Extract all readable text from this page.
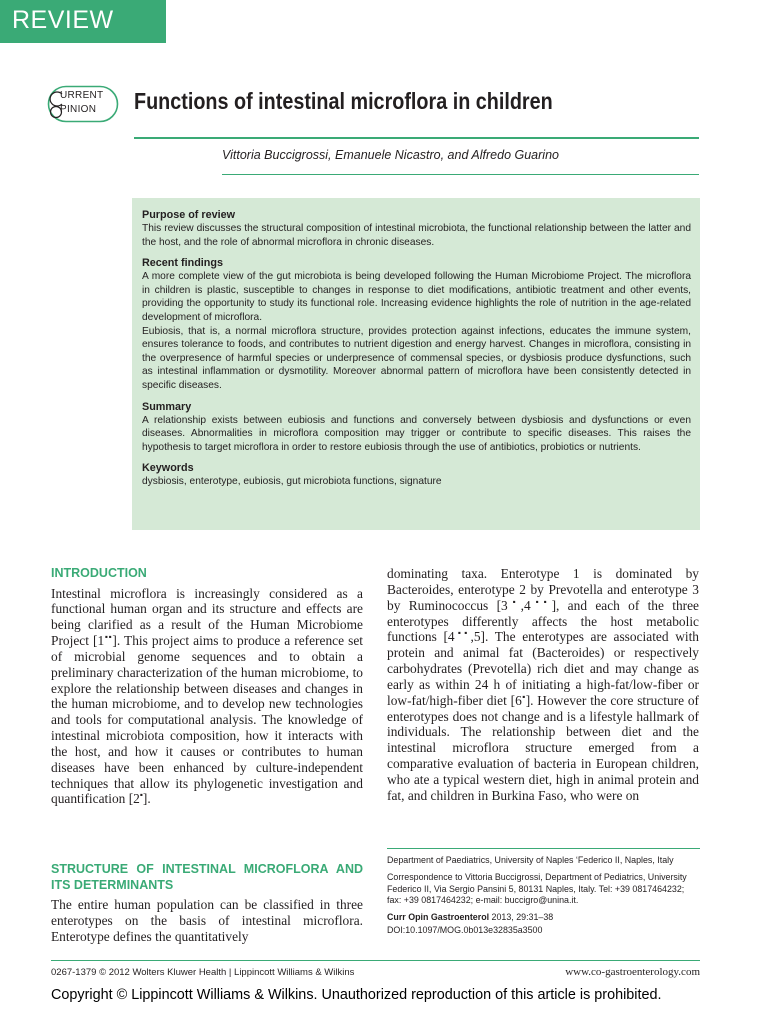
REVIEW
URRENT
PINION Functions of intestinal microflora in children
Vittoria Buccigrossi, Emanuele Nicastro, and Alfredo Guarino
Purpose of review

This review discusses the structural composition of intestinal microbiota, the functional relationship between the latter and the host, and the role of abnormal microflora in chronic diseases.

Recent findings

A more complete view of the gut microbiota is being developed following the Human Microbiome Project. The microflora in children is plastic, susceptible to changes in response to diet modifications, antibiotic treatment and other events, providing the opportunity to study its functional role. Increasing evidence highlights the role of nutrition in the age-related development of microflora.

Eubiosis, that is, a normal microflora structure, provides protection against infections, educates the immune system, ensures tolerance to foods, and contributes to nutrient digestion and energy harvest. Changes in microflora, consisting in the overpresence of harmful species or underpresence of commensal species, or dysbiosis produce dysfunctions, such as intestinal inflammation or dysmotility. Moreover abnormal pattern of microflora have been consistently detected in specific diseases.

Summary

A relationship exists between eubiosis and functions and conversely between dysbiosis and dysfunctions or even diseases. Abnormalities in microflora composition may trigger or contribute to specific diseases. This raises the hypothesis to target microflora in order to restore eubiosis through the use of antibiotics, probiotics or nutrients.

Keywords

dysbiosis, enterotype, eubiosis, gut microbiota functions, signature

INTRODUCTION

Intestinal microflora is increasingly considered as a functional human organ and its structure and effects are being clarified as a result of the Human Microbiome Project [1▪▪]. This project aims to produce a reference set of microbial genome sequences and to obtain a preliminary characterization of the human microbiome, to explore the relationship between diseases and changes in the human microbiome, and to develop new technologies and tools for computational analysis. The knowledge of intestinal microbiota composition, how it interacts with the host, and how it causes or contributes to human diseases have been enhanced by culture-independent techniques that allow its phylogenetic investigation and quantification [2▪].

STRUCTURE OF INTESTINAL MICROFLORA AND ITS DETERMINANTS

The entire human population can be classified in three enterotypes on the basis of intestinal microflora. Enterotype defines the quantitatively

dominating taxa. Enterotype 1 is dominated by Bacteroides, enterotype 2 by Prevotella and enterotype 3 by Ruminococcus [3▪,4▪▪], and each of the three enterotypes differently affects the host metabolic functions [4▪▪,5]. The enterotypes are associated with protein and animal fat (Bacteroides) or respectively carbohydrates (Prevotella) rich diet and may change as early as within 24 h of initiating a high-fat/low-fiber or low-fat/high-fiber diet [6▪]. However the core structure of enterotypes does not change and is a lifestyle hallmark of individuals. The relationship between diet and the intestinal microflora structure emerged from a comparative evaluation of bacteria in European children, who ate a typical western diet, high in animal protein and fat, and children in Burkina Faso, who were on

Department of Paediatrics, University of Naples ‘Federico II, Naples, Italy

Correspondence to Vittoria Buccigrossi, Department of Pediatrics, University Federico II, Via Sergio Pansini 5, 80131 Naples, Italy. Tel: +39 0817464232; fax: +39 0817464232; e-mail: buccigro@unina.it.

Curr Opin Gastroenterol 2013, 29:31–38

DOI:10.1097/MOG.0b013e32835a3500

0267-1379 © 2012 Wolters Kluwer Health | Lippincott Williams & Wilkins	www.co-gastroenterology.com
Copyright © Lippincott Williams & Wilkins. Unauthorized reproduction of this article is prohibited.
